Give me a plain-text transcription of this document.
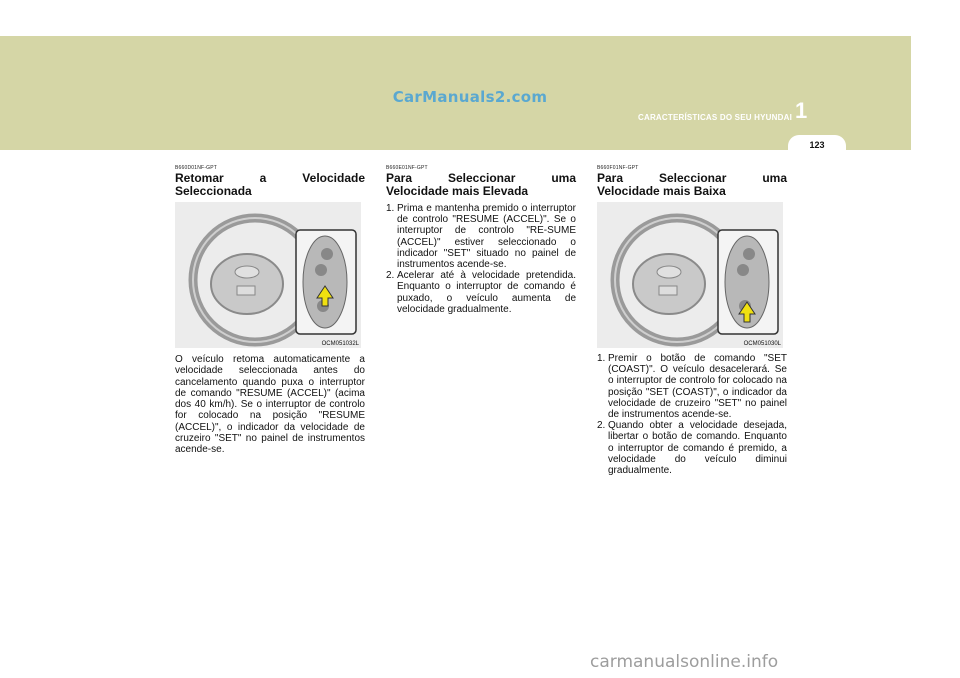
CarManuals2.com
CARACTERÍSTICAS DO SEU HYUNDAI 1
123
B660D01NF-GPT
Retomar a Velocidade
Seleccionada
OCM051032L
O veículo retoma automaticamente a velocidade seleccionada antes do cancelamento quando puxa o interruptor de comando "RESUME (ACCEL)" (acima dos 40 km/h). Se o interruptor de controlo for colocado na posição "RESUME (ACCEL)", o indicador da velocidade de cruzeiro "SET" no painel de instrumentos acende-se.
B660E01NF-GPT
Para Seleccionar uma
Velocidade mais Elevada
1. Prima e mantenha premido o interruptor de controlo "RESUME (ACCEL)". Se o interruptor de controlo "RE-SUME (ACCEL)" estiver seleccionado o indicador "SET" situado no painel de instrumentos acende-se.
2. Acelerar até à velocidade pretendida. Enquanto o interruptor de comando é puxado, o veículo aumenta de velocidade gradualmente.
B660F01NF-GPT
Para Seleccionar uma
Velocidade mais Baixa
OCM051030L
1. Premir o botão de comando "SET (COAST)". O veículo desacelerará. Se o interruptor de controlo for colocado na posição "SET (COAST)", o indicador da velocidade de cruzeiro "SET" no painel de instrumentos acende-se.
2. Quando obter a velocidade desejada, libertar o botão de comando. Enquanto o interruptor de comando é premido, a velocidade do veículo diminui gradualmente.
carmanualsonline.info
